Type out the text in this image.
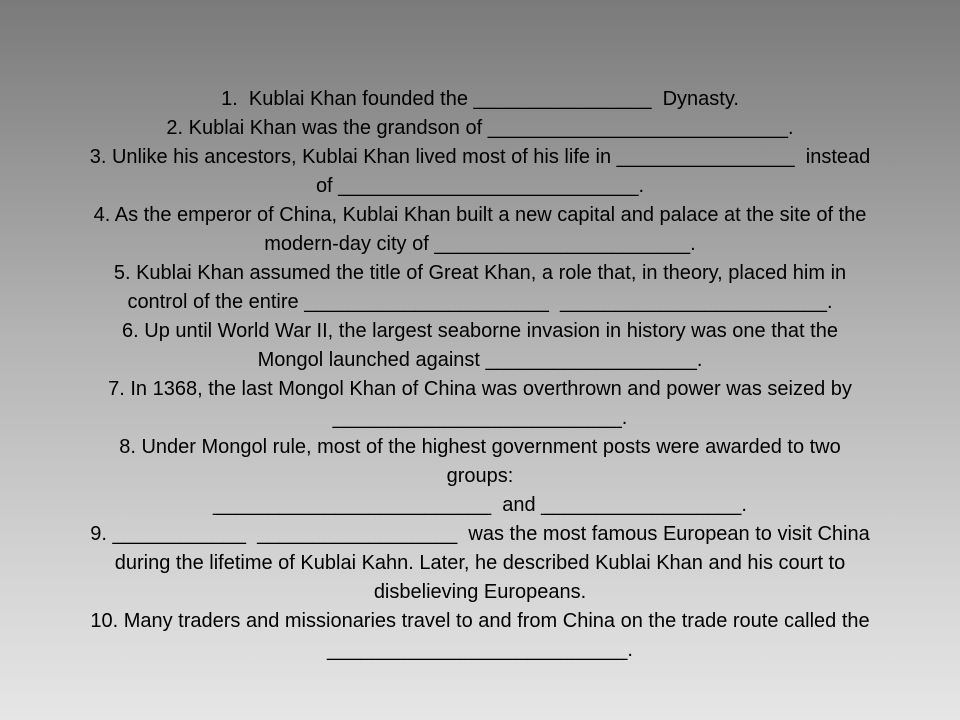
1.  Kublai Khan founded the ________________  Dynasty.
2. Kublai Khan was the grandson of ___________________________.
3. Unlike his ancestors, Kublai Khan lived most of his life in ________________  instead
of ___________________________.
4. As the emperor of China, Kublai Khan built a new capital and palace at the site of the
modern-day city of _______________________.
5. Kublai Khan assumed the title of Great Khan, a role that, in theory, placed him in
control of the entire ______________________  ________________________.
6. Up until World War II, the largest seaborne invasion in history was one that the
Mongol launched against ___________________.
7. In 1368, the last Mongol Khan of China was overthrown and power was seized by
__________________________.
8. Under Mongol rule, most of the highest government posts were awarded to two
groups:
_________________________  and __________________.
9. ____________  __________________  was the most famous European to visit China
during the lifetime of Kublai Kahn. Later, he described Kublai Khan and his court to
disbelieving Europeans.
10. Many traders and missionaries travel to and from China on the trade route called the
___________________________.
